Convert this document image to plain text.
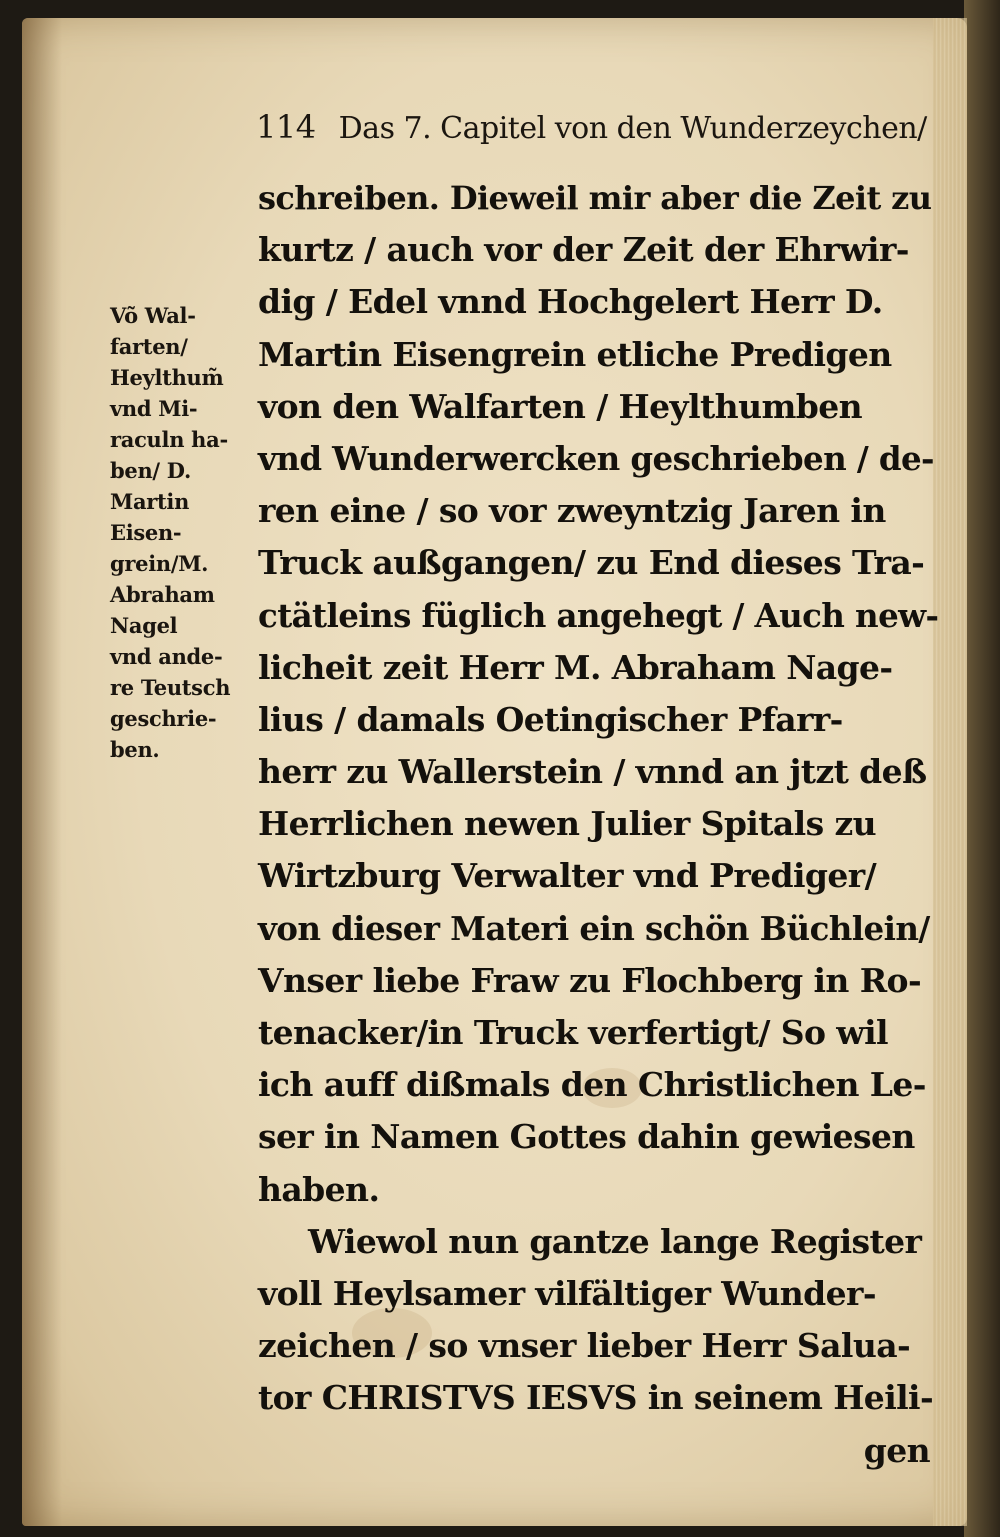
114 Das 7. Capitel von den Wunderzeychen/
Võ Wal-
farten/
Heylthum̃
vnd Mi-
raculn ha-
ben/ D.
Martin
Eisen-
grein/M.
Abraham
Nagel
vnd ande-
re Teutsch
geschrie-
ben.
schreiben. Dieweil mir aber die Zeit zu
kurtz / auch vor der Zeit der Ehrwir-
dig / Edel vnnd Hochgelert Herr D.
Martin Eisengrein etliche Predigen
von den Walfarten / Heylthumben
vnd Wunderwercken geschrieben / de-
ren eine / so vor zweyntzig Jaren in
Truck außgangen/ zu End dieses Tra-
ctätleins füglich angehegt / Auch new-
licheit zeit Herr M. Abraham Nage-
lius / damals Oetingischer Pfarr-
herr zu Wallerstein / vnnd an jtzt deß
Herrlichen newen Julier Spitals zu
Wirtzburg Verwalter vnd Prediger/
von dieser Materi ein schön Büchlein/
Vnser liebe Fraw zu Flochberg in Ro-
tenacker/in Truck verfertigt/ So wil
ich auff dißmals den Christlichen Le-
ser in Namen Gottes dahin gewiesen
haben.
Wiewol nun gantze lange Register
voll Heylsamer vilfältiger Wunder-
zeichen / so vnser lieber Herr Salua-
tor CHRISTVS IESVS in seinem Heili-
gen
